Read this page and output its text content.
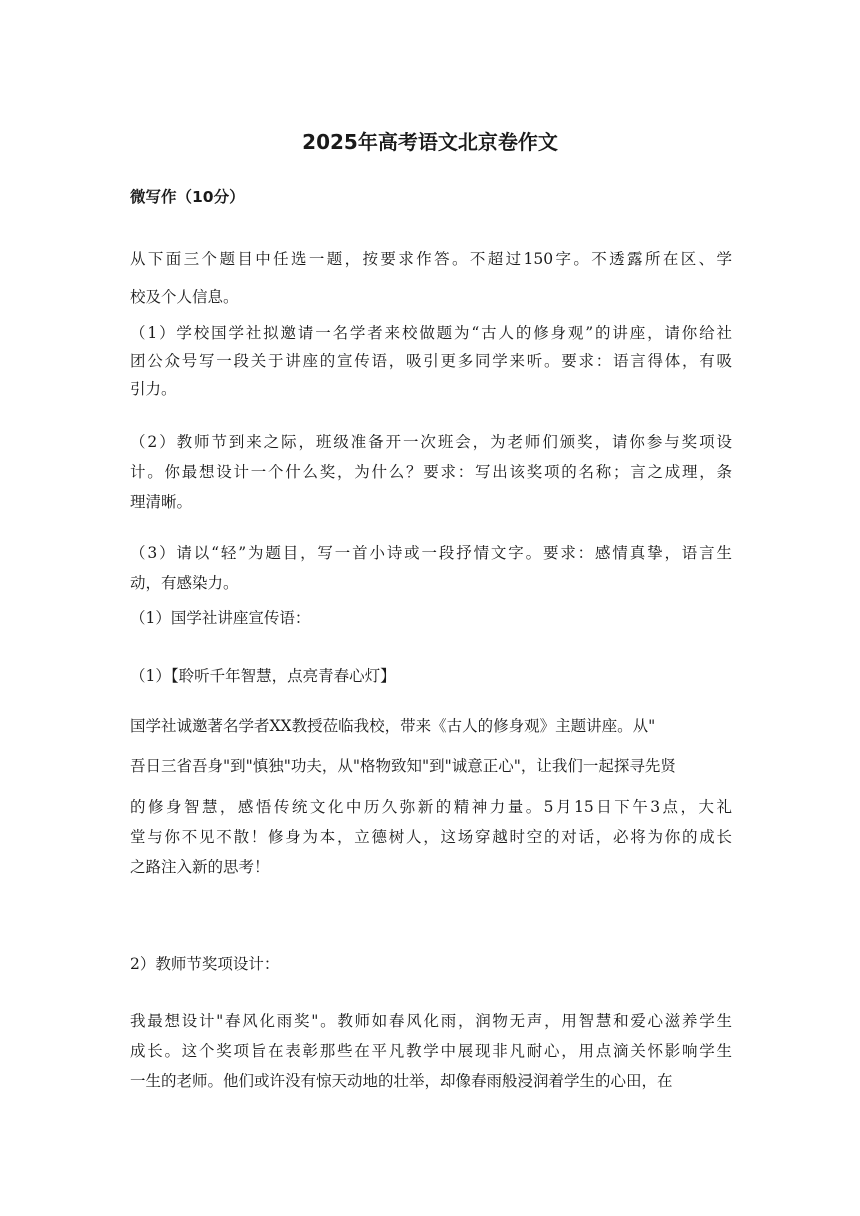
2025年高考语文北京卷作文

微写作（10分）

从下面三个题目中任选一题，按要求作答。不超过150字。不透露所在区、学
校及个人信息。

（1）学校国学社拟邀请一名学者来校做题为“古人的修身观”的讲座，请你给社
团公众号写一段关于讲座的宣传语，吸引更多同学来听。要求：语言得体，有吸
引力。

（2）教师节到来之际，班级准备开一次班会，为老师们颁奖，请你参与奖项设
计。你最想设计一个什么奖，为什么？要求：写出该奖项的名称；言之成理，条
理清晰。

（3）请以“轻”为题目，写一首小诗或一段抒情文字。要求：感情真挚，语言生
动，有感染力。

（1）国学社讲座宣传语：

（1）【聆听千年智慧，点亮青春心灯】

国学社诚邀著名学者XX教授莅临我校，带来《古人的修身观》主题讲座。从"
吾日三省吾身"到"慎独"功夫，从"格物致知"到"诚意正心"，让我们一起探寻先贤

的修身智慧，感悟传统文化中历久弥新的精神力量。5月15日下午3点，大礼
堂与你不见不散！修身为本，立德树人，这场穿越时空的对话，必将为你的成长
之路注入新的思考！

2）教师节奖项设计：

我最想设计"春风化雨奖"。教师如春风化雨，润物无声，用智慧和爱心滋养学生
成长。这个奖项旨在表彰那些在平凡教学中展现非凡耐心，用点滴关怀影响学生
一生的老师。他们或许没有惊天动地的壮举，却像春雨般浸润着学生的心田，在
